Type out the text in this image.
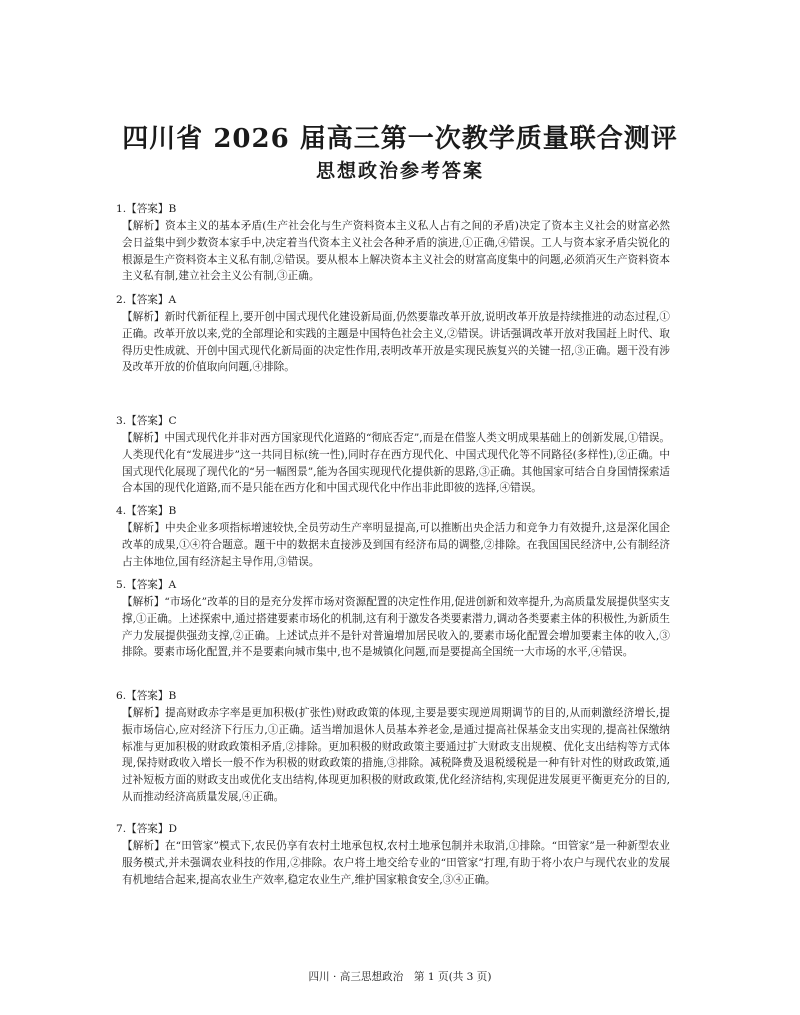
四川省 2026 届高三第一次教学质量联合测评
思想政治参考答案
1.【答案】B
【解析】资本主义的基本矛盾(生产社会化与生产资料资本主义私人占有之间的矛盾)决定了资本主义社会的财富必然会日益集中到少数资本家手中,决定着当代资本主义社会各种矛盾的演进,①正确,④错误。工人与资本家矛盾尖锐化的根源是生产资料资本主义私有制,②错误。要从根本上解决资本主义社会的财富高度集中的问题,必须消灭生产资料资本主义私有制,建立社会主义公有制,③正确。
2.【答案】A
【解析】新时代新征程上,要开创中国式现代化建设新局面,仍然要靠改革开放,说明改革开放是持续推进的动态过程,①正确。改革开放以来,党的全部理论和实践的主题是中国特色社会主义,②错误。讲话强调改革开放对我国赶上时代、取得历史性成就、开创中国式现代化新局面的决定性作用,表明改革开放是实现民族复兴的关键一招,③正确。题干没有涉及改革开放的价值取向问题,④排除。
3.【答案】C
【解析】中国式现代化并非对西方国家现代化道路的“彻底否定”,而是在借鉴人类文明成果基础上的创新发展,①错误。人类现代化有“发展进步”这一共同目标(统一性),同时存在西方现代化、中国式现代化等不同路径(多样性),②正确。中国式现代化展现了现代化的“另一幅图景”,能为各国实现现代化提供新的思路,③正确。其他国家可结合自身国情探索适合本国的现代化道路,而不是只能在西方化和中国式现代化中作出非此即彼的选择,④错误。
4.【答案】B
【解析】中央企业多项指标增速较快,全员劳动生产率明显提高,可以推断出央企活力和竞争力有效提升,这是深化国企改革的成果,①④符合题意。题干中的数据未直接涉及到国有经济布局的调整,②排除。在我国国民经济中,公有制经济占主体地位,国有经济起主导作用,③错误。
5.【答案】A
【解析】“市场化”改革的目的是充分发挥市场对资源配置的决定性作用,促进创新和效率提升,为高质量发展提供坚实支撑,①正确。上述探索中,通过搭建要素市场化的机制,这有利于激发各类要素潜力,调动各类要素主体的积极性,为新质生产力发展提供强劲支撑,②正确。上述试点并不是针对普遍增加居民收入的,要素市场化配置会增加要素主体的收入,③排除。要素市场化配置,并不是要素向城市集中,也不是城镇化问题,而是要提高全国统一大市场的水平,④错误。
6.【答案】B
【解析】提高财政赤字率是更加积极(扩张性)财政政策的体现,主要是要实现逆周期调节的目的,从而刺激经济增长,提振市场信心,应对经济下行压力,①正确。适当增加退休人员基本养老金,是通过提高社保基金支出实现的,提高社保缴纳标准与更加积极的财政政策相矛盾,②排除。更加积极的财政政策主要通过扩大财政支出规模、优化支出结构等方式体现,保持财政收入增长一般不作为积极的财政政策的措施,③排除。减税降费及退税缓税是一种有针对性的财政政策,通过补短板方面的财政支出或优化支出结构,体现更加积极的财政政策,优化经济结构,实现促进发展更平衡更充分的目的,从而推动经济高质量发展,④正确。
7.【答案】D
【解析】在“田管家”模式下,农民仍享有农村土地承包权,农村土地承包制并未取消,①排除。“田管家”是一种新型农业服务模式,并未强调农业科技的作用,②排除。农户将土地交给专业的“田管家”打理,有助于将小农户与现代农业的发展有机地结合起来,提高农业生产效率,稳定农业生产,维护国家粮食安全,③④正确。
四川 · 高三思想政治　第 1 页(共 3 页)
